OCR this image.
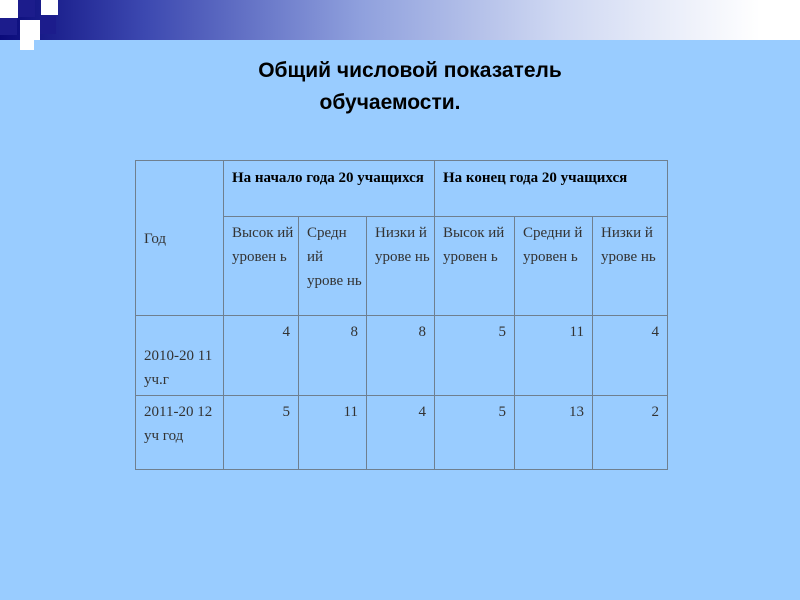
Общий числовой показатель
обучаемости.
Год	На начало года 20 учащихся			На конец года 20 учащихся		
	Высок ий уровен ь	Средн ий урове нь	Низки й урове нь	Высок ий уровен ь	Средни й уровен ь	Низки й урове нь
2010-20 11 уч.г	4	8	8	5	11	4
2011-20 12 уч год	5	11	4	5	13	2
